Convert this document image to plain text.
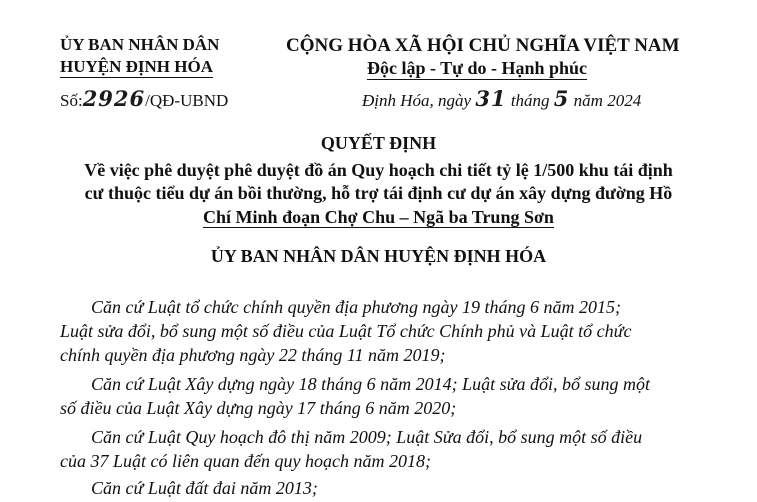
ỦY BAN NHÂN DÂN
HUYỆN ĐỊNH HÓA
CỘNG HÒA XÃ HỘI CHỦ NGHĨA VIỆT NAM
Độc lập - Tự do - Hạnh phúc
Số:2926/QĐ-UBND	Định Hóa, ngày 31 tháng 5 năm 2024
QUYẾT ĐỊNH
Về việc phê duyệt phê duyệt đồ án Quy hoạch chi tiết tỷ lệ 1/500 khu tái định
cư thuộc tiểu dự án bồi thường, hỗ trợ tái định cư dự án xây dựng đường Hồ
Chí Minh đoạn Chợ Chu – Ngã ba Trung Sơn
ỦY BAN NHÂN DÂN HUYỆN ĐỊNH HÓA
Căn cứ Luật tổ chức chính quyền địa phương ngày 19 tháng 6 năm 2015;
Luật sửa đổi, bổ sung một số điều của Luật Tổ chức Chính phủ và Luật tổ chức
chính quyền địa phương ngày 22 tháng 11 năm 2019;
Căn cứ Luật Xây dựng ngày 18 tháng 6 năm 2014; Luật sửa đổi, bổ sung một
số điều của Luật Xây dựng ngày 17 tháng 6 năm 2020;
Căn cứ Luật Quy hoạch đô thị năm 2009; Luật Sửa đổi, bổ sung một số điều
của 37 Luật có liên quan đến quy hoạch năm 2018;
Căn cứ Luật đất đai năm 2013;
